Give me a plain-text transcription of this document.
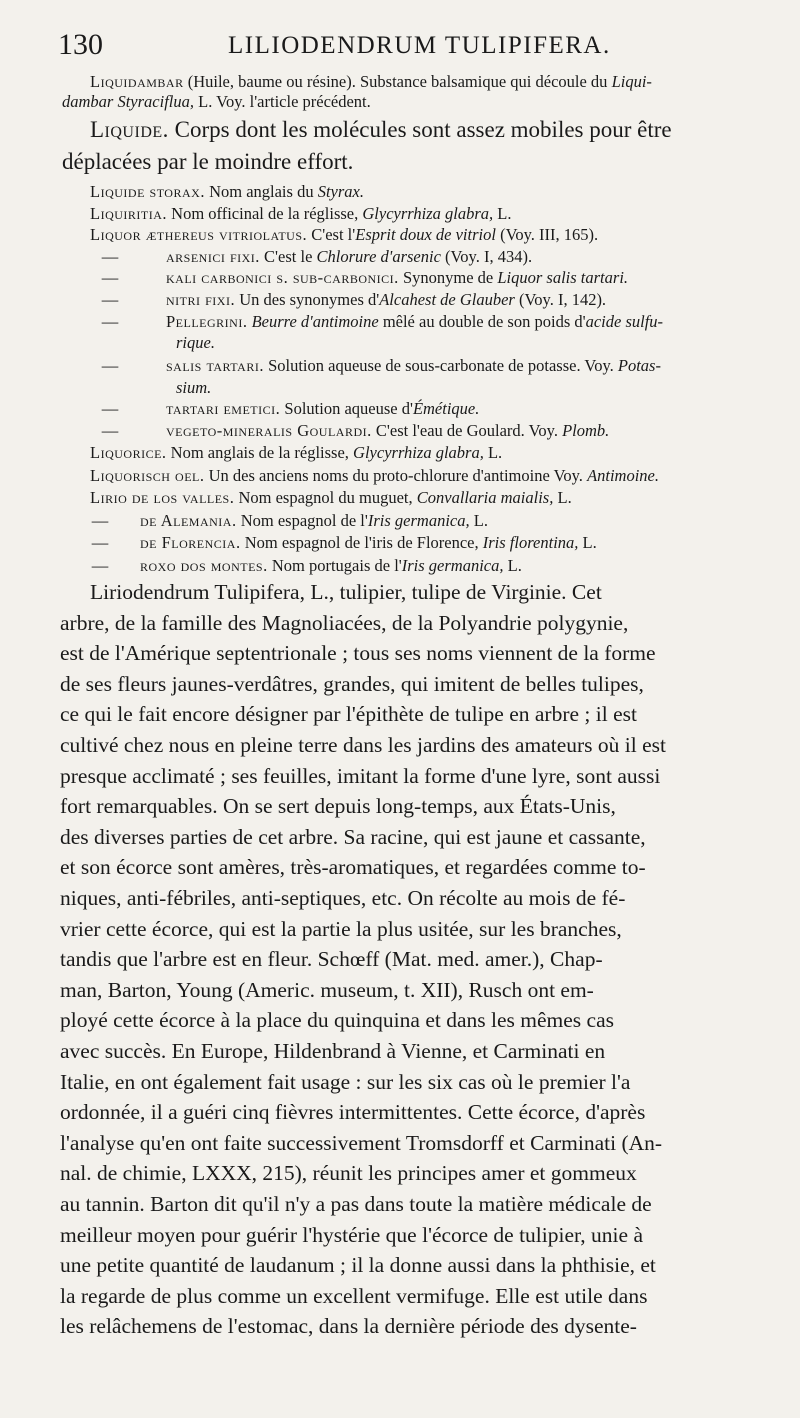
130	LILIODENDRUM TULIPIFERA.
Liquidambar (Huile, baume ou résine). Substance balsamique qui découle du Liqui-
dambar Styraciflua, L. Voy. l'article précédent.
Liquide. Corps dont les molécules sont assez mobiles pour être
déplacées par le moindre effort.
Liquide storax. Nom anglais du Styrax.
Liquiritia. Nom officinal de la réglisse, Glycyrrhiza glabra, L.
Liquor æthereus vitriolatus. C'est l'Esprit doux de vitriol (Voy. III, 165).
—	arsenici fixi. C'est le Chlorure d'arsenic (Voy. I, 434).
—	kali carbonici s. sub-carbonici. Synonyme de Liquor salis tartari.
—	nitri fixi. Un des synonymes d'Alcahest de Glauber (Voy. I, 142).
—	Pellegrini. Beurre d'antimoine mêlé au double de son poids d'acide sulfu-
rique.
—	salis tartari. Solution aqueuse de sous-carbonate de potasse. Voy. Potas-
sium.
—	tartari emetici. Solution aqueuse d'Émétique.
—	vegeto-mineralis Goulardi. C'est l'eau de Goulard. Voy. Plomb.
Liquorice. Nom anglais de la réglisse, Glycyrrhiza glabra, L.
Liquorisch oel. Un des anciens noms du proto-chlorure d'antimoine Voy. Antimoine.
Lirio de los valles. Nom espagnol du muguet, Convallaria maialis, L.
—	de Alemania. Nom espagnol de l'Iris germanica, L.
—	de Florencia. Nom espagnol de l'iris de Florence, Iris florentina, L.
—	roxo dos montes. Nom portugais de l'Iris germanica, L.
Liriodendrum Tulipifera, L., tulipier, tulipe de Virginie. Cet
arbre, de la famille des Magnoliacées, de la Polyandrie polygynie,
est de l'Amérique septentrionale ; tous ses noms viennent de la forme
de ses fleurs jaunes-verdâtres, grandes, qui imitent de belles tulipes,
ce qui le fait encore désigner par l'épithète de tulipe en arbre ; il est
cultivé chez nous en pleine terre dans les jardins des amateurs où il est
presque acclimaté ; ses feuilles, imitant la forme d'une lyre, sont aussi
fort remarquables. On se sert depuis long-temps, aux États-Unis,
des diverses parties de cet arbre. Sa racine, qui est jaune et cassante,
et son écorce sont amères, très-aromatiques, et regardées comme to-
niques, anti-fébriles, anti-septiques, etc. On récolte au mois de fé-
vrier cette écorce, qui est la partie la plus usitée, sur les branches,
tandis que l'arbre est en fleur. Schœff (Mat. med. amer.), Chap-
man, Barton, Young (Americ. museum, t. XII), Rusch ont em-
ployé cette écorce à la place du quinquina et dans les mêmes cas
avec succès. En Europe, Hildenbrand à Vienne, et Carminati en
Italie, en ont également fait usage : sur les six cas où le premier l'a
ordonnée, il a guéri cinq fièvres intermittentes. Cette écorce, d'après
l'analyse qu'en ont faite successivement Tromsdorff et Carminati (An-
nal. de chimie, LXXX, 215), réunit les principes amer et gommeux
au tannin. Barton dit qu'il n'y a pas dans toute la matière médicale de
meilleur moyen pour guérir l'hystérie que l'écorce de tulipier, unie à
une petite quantité de laudanum ; il la donne aussi dans la phthisie, et
la regarde de plus comme un excellent vermifuge. Elle est utile dans
les relâchemens de l'estomac, dans la dernière période des dysente-
